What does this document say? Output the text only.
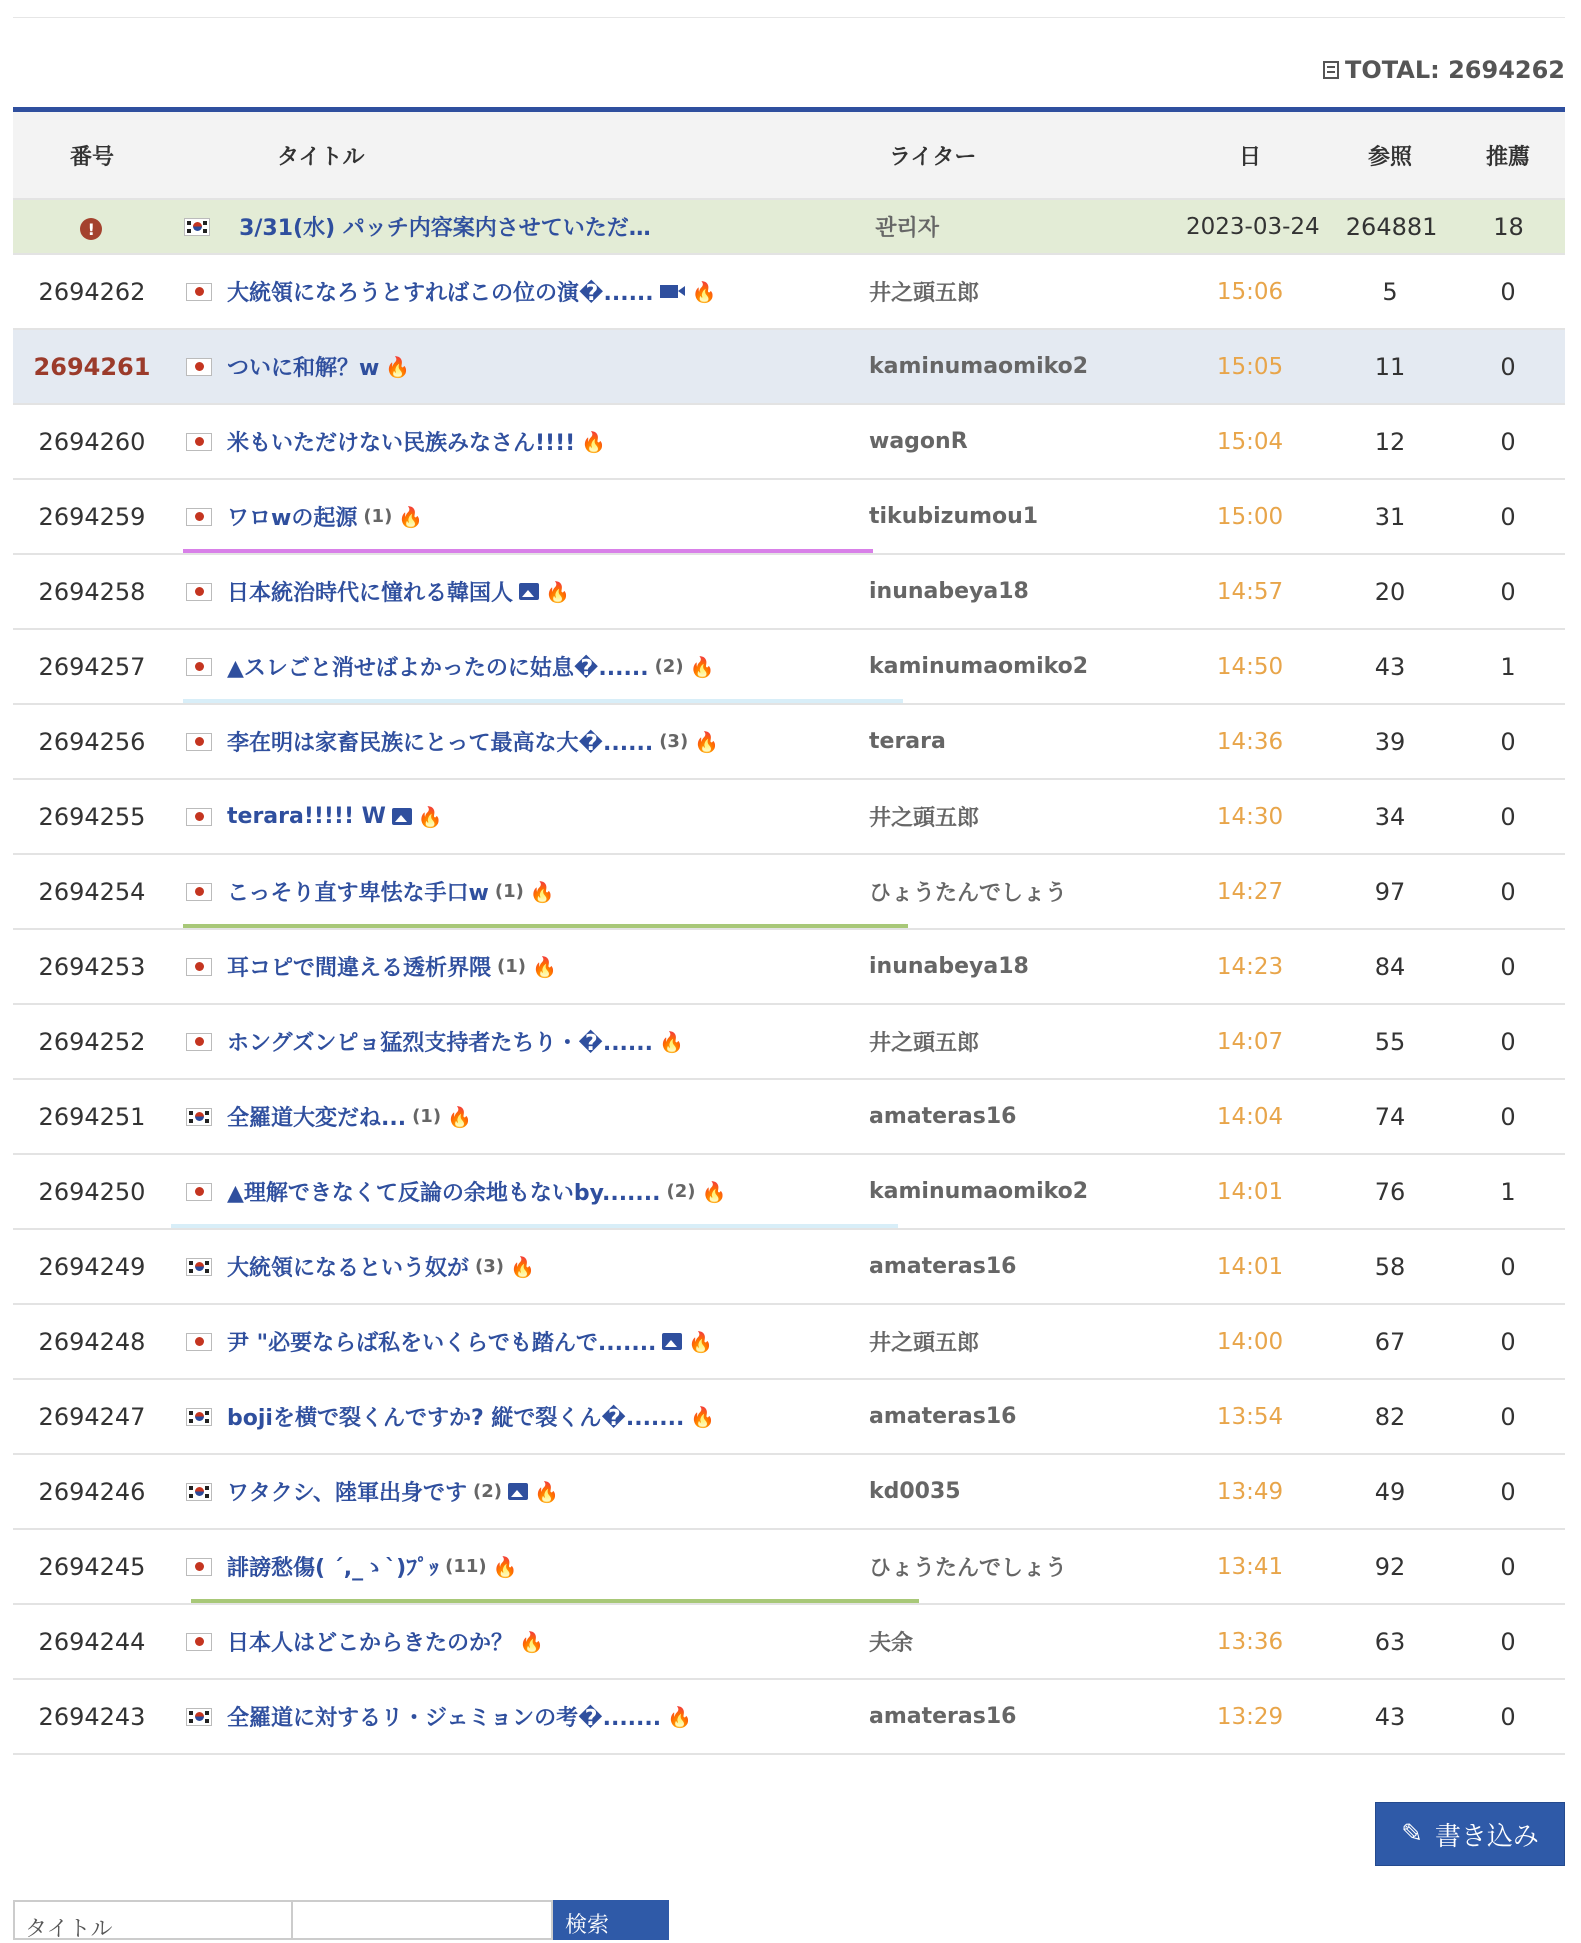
TOTAL: 2694262
番号	タイトル	ライター	日	参照	推薦
!	3/31(水) パッチ内容案内させていただ…	관리자	2023-03-24	264881	18
2694262	大統領になろうとすればこの位の演�...... 🔥	井之頭五郎	15:06	5	0
2694261	ついに和解？w 🔥	kaminumaomiko2	15:05	11	0
2694260	米もいただけない民族みなさん!!!! 🔥	wagonR	15:04	12	0
2694259	ワロwの起源 (1) 🔥	tikubizumou1	15:00	31	0
2694258	日本統治時代に憧れる韓国人 🔥	inunabeya18	14:57	20	0
2694257	▲スレごと消せばよかったのに姑息�...... (2) 🔥	kaminumaomiko2	14:50	43	1
2694256	李在明は家畜民族にとって最高な大�...... (3) 🔥	terara	14:36	39	0
2694255	terara!!!!! W 🔥	井之頭五郎	14:30	34	0
2694254	こっそり直す卑怯な手口w (1) 🔥	ひょうたんでしょう	14:27	97	0
2694253	耳コピで間違える透析界隈 (1) 🔥	inunabeya18	14:23	84	0
2694252	ホングズンピョ猛烈支持者たちり・�...... 🔥	井之頭五郎	14:07	55	0
2694251	全羅道大変だね... (1) 🔥	amateras16	14:04	74	0
2694250	▲理解できなくて反論の余地もないby....... (2) 🔥	kaminumaomiko2	14:01	76	1
2694249	大統領になるという奴が (3) 🔥	amateras16	14:01	58	0
2694248	尹 "必要ならば私をいくらでも踏んで....... 🔥	井之頭五郎	14:00	67	0
2694247	bojiを横で裂くんですか? 縦で裂くん�....... 🔥	amateras16	13:54	82	0
2694246	ワタクシ、陸軍出身です (2) 🔥	kd0035	13:49	49	0
2694245	誹謗愁傷( ´,_ゝ`)ﾌﾟｯ (11) 🔥	ひょうたんでしょう	13:41	92	0
2694244	日本人はどこからきたのか？ 🔥	夫余	13:36	63	0
2694243	全羅道に対するリ・ジェミョンの考�....... 🔥	amateras16	13:29	43	0
✎ 書き込み
タイトル	検索
